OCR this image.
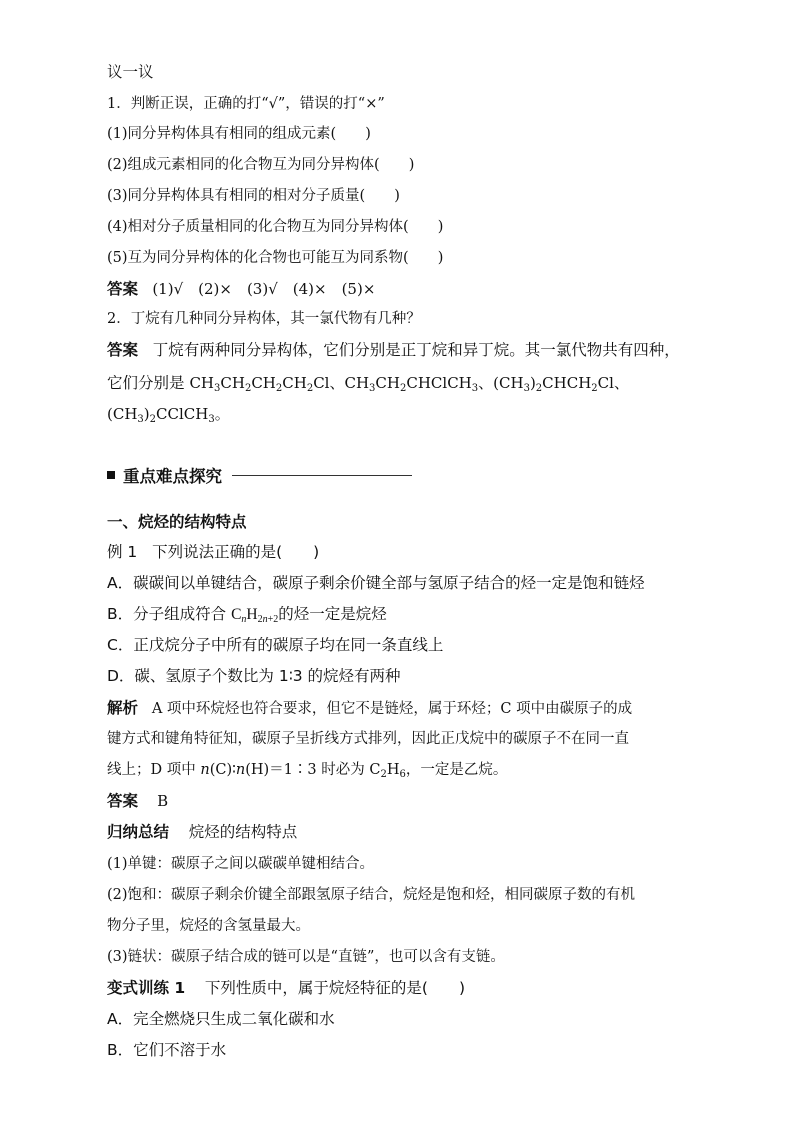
议一议
1．判断正误，正确的打“√”，错误的打“×”
(1)同分异构体具有相同的组成元素(　　)
(2)组成元素相同的化合物互为同分异构体(　　)
(3)同分异构体具有相同的相对分子质量(　　)
(4)相对分子质量相同的化合物互为同分异构体(　　)
(5)互为同分异构体的化合物也可能互为同系物(　　)
答案 (1)√　(2)×　(3)√　(4)×　(5)×
2．丁烷有几种同分异构体，其一氯代物有几种？
答案 丁烷有两种同分异构体，它们分别是正丁烷和异丁烷。其一氯代物共有四种，
它们分别是 $CH_3CH_2CH_2CH_2Cl$、$CH_3CH_2CHClCH_3$、$(CH_3)_2CHCH_2Cl$、
$(CH_3)_2CClCH_3$。
重点难点探究
一、烷烃的结构特点
例 1 下列说法正确的是(　　)
A．碳碳间以单键结合，碳原子剩余价键全部与氢原子结合的烃一定是饱和链烃
B．分子组成符合 $C_nH_{2n+2}$的烃一定是烷烃
C．正戊烷分子中所有的碳原子均在同一条直线上
D．碳、氢原子个数比为 1∶3 的烷烃有两种
解析 A 项中环烷烃也符合要求，但它不是链烃，属于环烃；C 项中由碳原子的成
键方式和键角特征知，碳原子呈折线方式排列，因此正戊烷中的碳原子不在同一直
线上；D 项中 n(C)∶n(H)＝1∶3 时必为 $C_2H_6$，一定是乙烷。
答案 B
归纳总结 烷烃的结构特点
(1)单键：碳原子之间以碳碳单键相结合。
(2)饱和：碳原子剩余价键全部跟氢原子结合，烷烃是饱和烃，相同碳原子数的有机
物分子里，烷烃的含氢量最大。
(3)链状：碳原子结合成的链可以是“直链”，也可以含有支链。
变式训练 1 下列性质中，属于烷烃特征的是(　　)
A．完全燃烧只生成二氧化碳和水
B．它们不溶于水
